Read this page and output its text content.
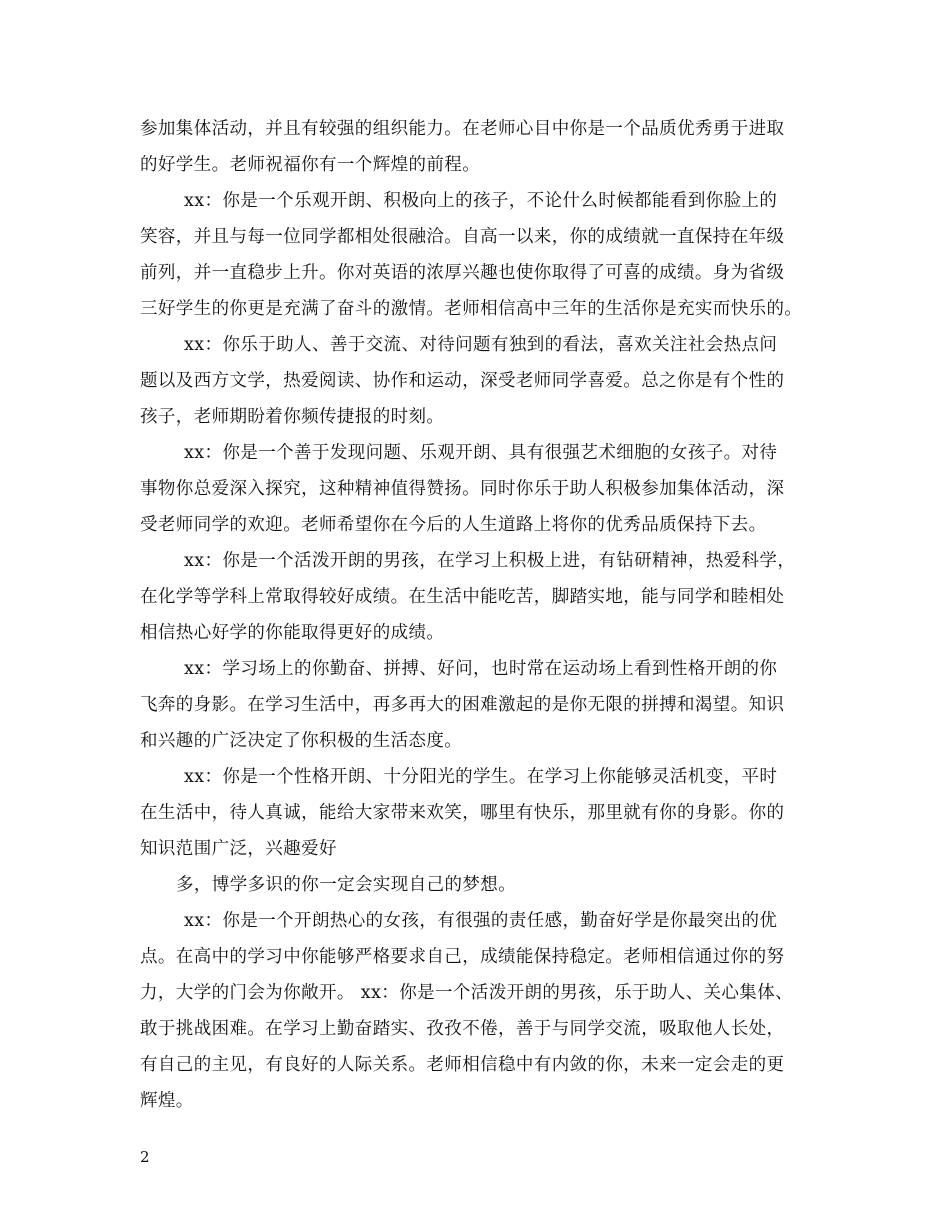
参加集体活动，并且有较强的组织能力。在老师心目中你是一个品质优秀勇于进取
的好学生。老师祝福你有一个辉煌的前程。
xx：你是一个乐观开朗、积极向上的孩子，不论什么时候都能看到你脸上的
笑容，并且与每一位同学都相处很融洽。自高一以来，你的成绩就一直保持在年级
前列，并一直稳步上升。你对英语的浓厚兴趣也使你取得了可喜的成绩。身为省级
三好学生的你更是充满了奋斗的激情。老师相信高中三年的生活你是充实而快乐的。
xx：你乐于助人、善于交流、对待问题有独到的看法，喜欢关注社会热点问
题以及西方文学，热爱阅读、协作和运动，深受老师同学喜爱。总之你是有个性的
孩子，老师期盼着你频传捷报的时刻。
xx：你是一个善于发现问题、乐观开朗、具有很强艺术细胞的女孩子。对待
事物你总爱深入探究，这种精神值得赞扬。同时你乐于助人积极参加集体活动，深
受老师同学的欢迎。老师希望你在今后的人生道路上将你的优秀品质保持下去。
xx：你是一个活泼开朗的男孩，在学习上积极上进，有钻研精神，热爱科学，
在化学等学科上常取得较好成绩。在生活中能吃苦，脚踏实地，能与同学和睦相处
相信热心好学的你能取得更好的成绩。
xx：学习场上的你勤奋、拼搏、好问，也时常在运动场上看到性格开朗的你
飞奔的身影。在学习生活中，再多再大的困难激起的是你无限的拼搏和渴望。知识
和兴趣的广泛决定了你积极的生活态度。
xx：你是一个性格开朗、十分阳光的学生。在学习上你能够灵活机变，平时
在生活中，待人真诚，能给大家带来欢笑，哪里有快乐，那里就有你的身影。你的
知识范围广泛，兴趣爱好
多，博学多识的你一定会实现自己的梦想。
xx：你是一个开朗热心的女孩，有很强的责任感，勤奋好学是你最突出的优
点。在高中的学习中你能够严格要求自己，成绩能保持稳定。老师相信通过你的努
力，大学的门会为你敞开。 xx：你是一个活泼开朗的男孩，乐于助人、关心集体、
敢于挑战困难。在学习上勤奋踏实、孜孜不倦，善于与同学交流，吸取他人长处，
有自己的主见，有良好的人际关系。老师相信稳中有内敛的你，未来一定会走的更
辉煌。
2
